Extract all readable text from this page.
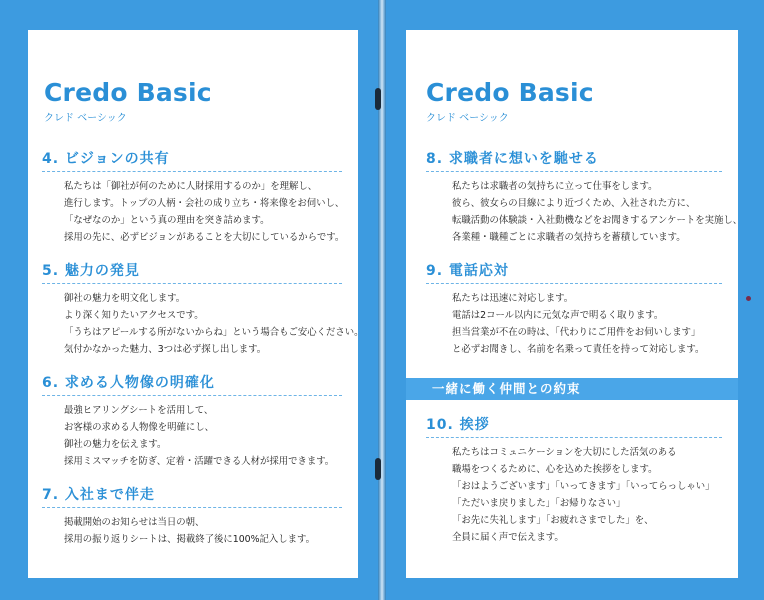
Credo Basic
クレド ベーシック
4. ビジョンの共有
私たちは「御社が何のために人財採用するのか」を理解し、
進行します。トップの人柄・会社の成り立ち・将来像をお伺いし、
「なぜなのか」という真の理由を突き詰めます。
採用の先に、必ずビジョンがあることを大切にしているからです。
5. 魅力の発見
御社の魅力を明文化します。
より深く知りたいアクセスです。
「うちはアピールする所がないからね」という場合もご安心ください。
気付かなかった魅力、3つは必ず探し出します。
6. 求める人物像の明確化
最強ヒアリングシートを活用して、
お客様の求める人物像を明確にし、
御社の魅力を伝えます。
採用ミスマッチを防ぎ、定着・活躍できる人材が採用できます。
7. 入社まで伴走
掲載開始のお知らせは当日の朝、
採用の振り返りシートは、掲載終了後に100%記入します。
Credo Basic
クレド ベーシック
8. 求職者に想いを馳せる
私たちは求職者の気持ちに立って仕事をします。
彼ら、彼女らの目線により近づくため、入社された方に、
転職活動の体験談・入社動機などをお聞きするアンケートを実施し、
各業種・職種ごとに求職者の気持ちを蓄積しています。
9. 電話応対
私たちは迅速に対応します。
電話は2コール以内に元気な声で明るく取ります。
担当営業が不在の時は、「代わりにご用件をお伺いします」
と必ずお聞きし、名前を名乗って責任を持って対応します。
一緒に働く仲間との約束
10. 挨拶
私たちはコミュニケーションを大切にした活気のある
職場をつくるために、心を込めた挨拶をします。
「おはようございます」「いってきます」「いってらっしゃい」
「ただいま戻りました」「お帰りなさい」
「お先に失礼します」「お疲れさまでした」を、
全員に届く声で伝えます。
